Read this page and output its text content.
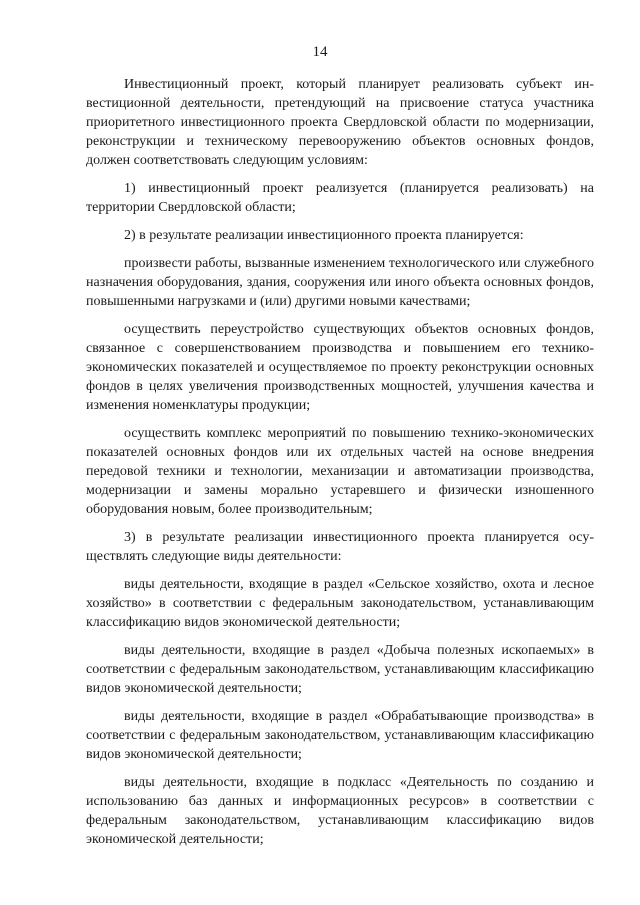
14

Инвестиционный проект, который планирует реализовать субъект инвестиционной деятельности, претендующий на присвоение статуса участника приоритетного инвестиционного проекта Свердловской области по модернизации, реконструкции и техническому перевооружению объектов основных фондов, должен соответствовать следующим условиям:

1) инвестиционный проект реализуется (планируется реализовать) на территории Свердловской области;

2) в результате реализации инвестиционного проекта планируется:

произвести работы, вызванные изменением технологического или служебного назначения оборудования, здания, сооружения или иного объекта основных фондов, повышенными нагрузками и (или) другими новыми качествами;

осуществить переустройство существующих объектов основных фондов, связанное с совершенствованием производства и повышением его технико-экономических показателей и осуществляемое по проекту реконструкции основных фондов в целях увеличения производственных мощностей, улучшения качества и изменения номенклатуры продукции;

осуществить комплекс мероприятий по повышению технико-экономических показателей основных фондов или их отдельных частей на основе внедрения передовой техники и технологии, механизации и автоматизации производства, модернизации и замены морально устаревшего и физически изношенного оборудования новым, более производительным;

3) в результате реализации инвестиционного проекта планируется осуществлять следующие виды деятельности:

виды деятельности, входящие в раздел «Сельское хозяйство, охота и лесное хозяйство» в соответствии с федеральным законодательством, устанавливающим классификацию видов экономической деятельности;

виды деятельности, входящие в раздел «Добыча полезных ископаемых» в соответствии с федеральным законодательством, устанавливающим классификацию видов экономической деятельности;

виды деятельности, входящие в раздел «Обрабатывающие производства» в соответствии с федеральным законодательством, устанавливающим классификацию видов экономической деятельности;

виды деятельности, входящие в подкласс «Деятельность по созданию и использованию баз данных и информационных ресурсов» в соответствии с федеральным законодательством, устанавливающим классификацию видов экономической деятельности;
